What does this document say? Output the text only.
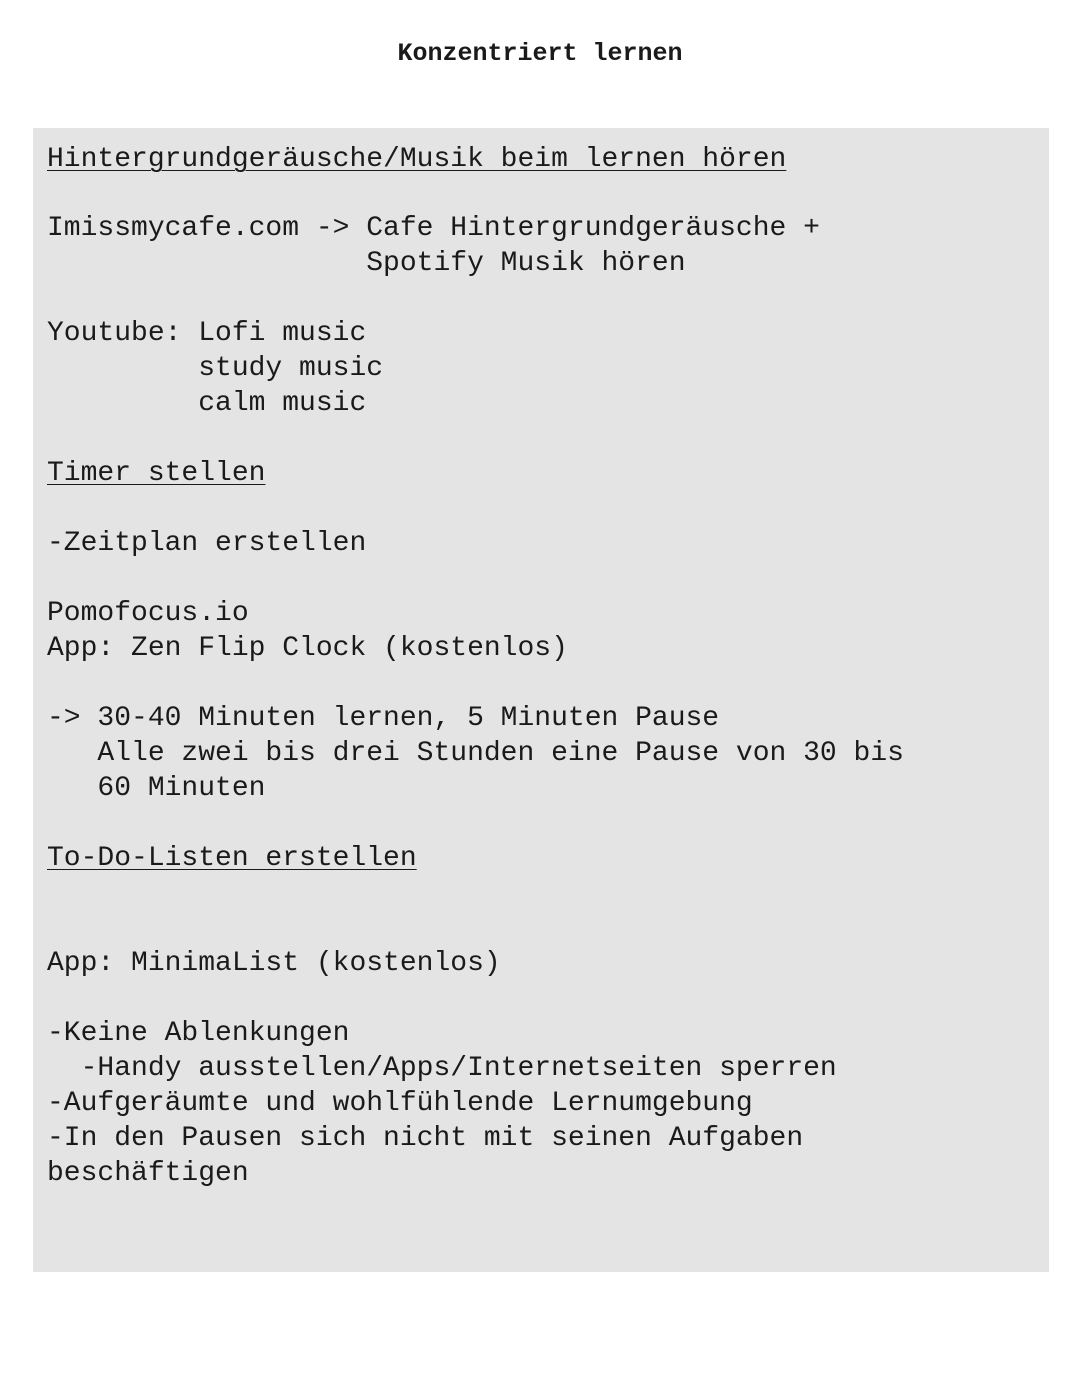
Konzentriert lernen

Hintergrundgeräusche/Musik beim lernen hören

Imissmycafe.com -> Cafe Hintergrundgeräusche +

Spotify Musik hören

Youtube: Lofi music

study music

calm music

Timer stellen

-Zeitplan erstellen

Pomofocus.io

App: Zen Flip Clock (kostenlos)

-> 30-40 Minuten lernen, 5 Minuten Pause

Alle zwei bis drei Stunden eine Pause von 30 bis

60 Minuten

To-Do-Listen erstellen

App: MinimaList (kostenlos)

-Keine Ablenkungen

-Handy ausstellen/Apps/Internetseiten sperren

-Aufgeräumte und wohlfühlende Lernumgebung

-In den Pausen sich nicht mit seinen Aufgaben

beschäftigen
